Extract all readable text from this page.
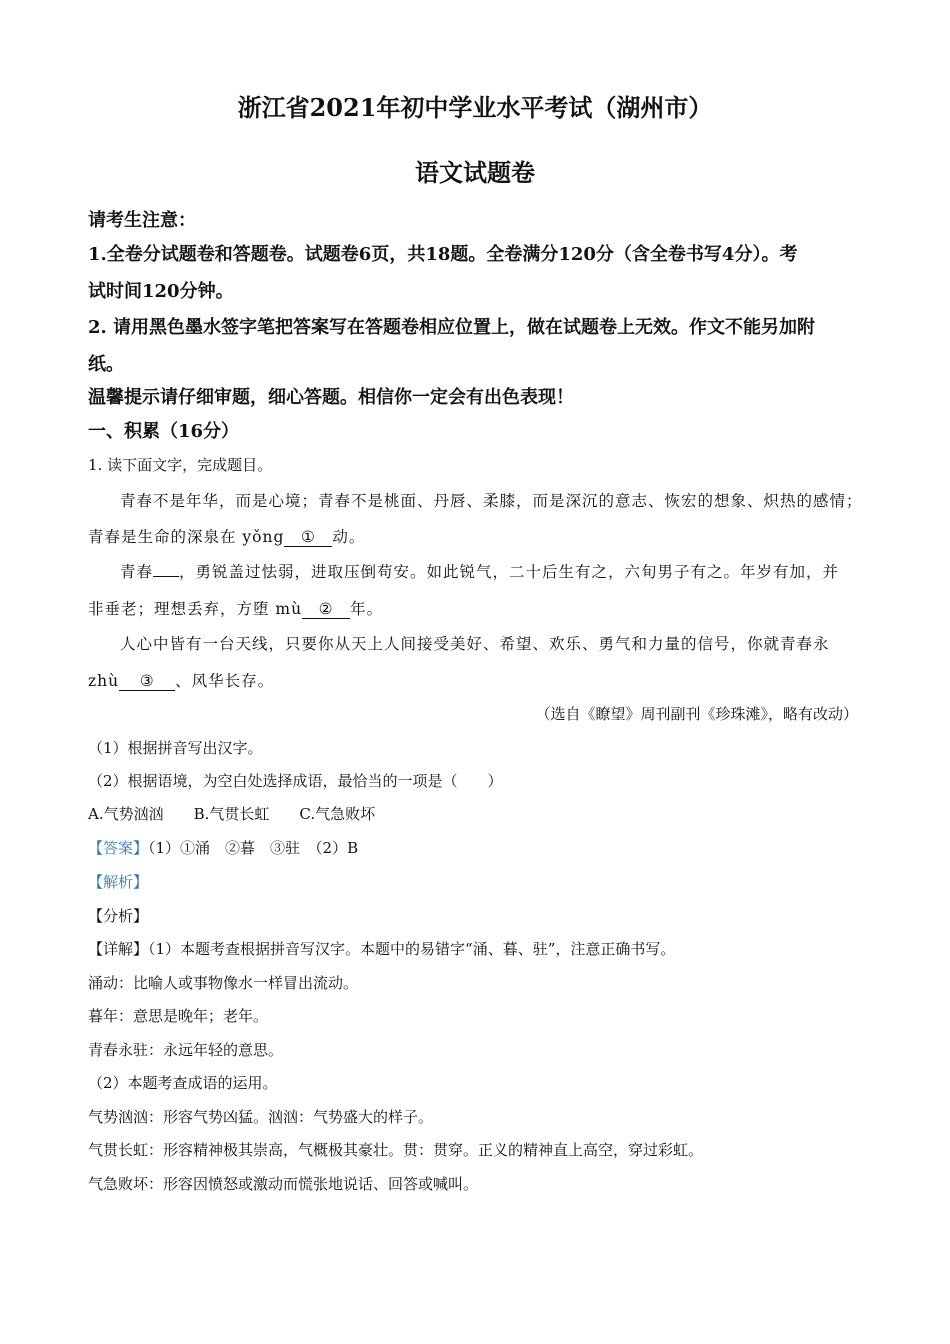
浙江省2021年初中学业水平考试（湖州市）
语文试题卷
请考生注意：
1.全卷分试题卷和答题卷。试题卷6页，共18题。全卷满分120分（含全卷书写4分）。考
试时间120分钟。
2. 请用黑色墨水签字笔把答案写在答题卷相应位置上，做在试题卷上无效。作文不能另加附
纸。
温馨提示请仔细审题，细心答题。相信你一定会有出色表现！
一、积累（16分）
1. 读下面文字，完成题目。
青春不是年华，而是心境；青春不是桃面、丹唇、柔膝，而是深沉的意志、恢宏的想象、炽热的感情；
青春是生命的深泉在 yǒng ① 动。
青春 ，勇锐盖过怯弱，进取压倒苟安。如此锐气，二十后生有之，六旬男子有之。年岁有加，并
非垂老；理想丢弃，方堕 mù ② 年。
人心中皆有一台天线，只要你从天上人间接受美好、希望、欢乐、勇气和力量的信号，你就青春永
zhù ③ 、风华长存。
（选自《瞭望》周刊副刊《珍珠滩》，略有改动）
（1）根据拼音写出汉字。
（2）根据语境，为空白处选择成语，最恰当的一项是（　　）
A.气势汹汹　　B.气贯长虹　　C.气急败坏
【答案】（1）①涌　②暮　③驻　（2）B
【解析】
【分析】
【详解】（1）本题考查根据拼音写汉字。本题中的易错字“涌、暮、驻”，注意正确书写。
涌动：比喻人或事物像水一样冒出流动。
暮年：意思是晚年；老年。
青春永驻：永远年轻的意思。
（2）本题考查成语的运用。
气势汹汹：形容气势凶猛。汹汹：气势盛大的样子。
气贯长虹：形容精神极其崇高，气概极其豪壮。贯：贯穿。正义的精神直上高空，穿过彩虹。
气急败坏：形容因愤怒或激动而慌张地说话、回答或喊叫。
